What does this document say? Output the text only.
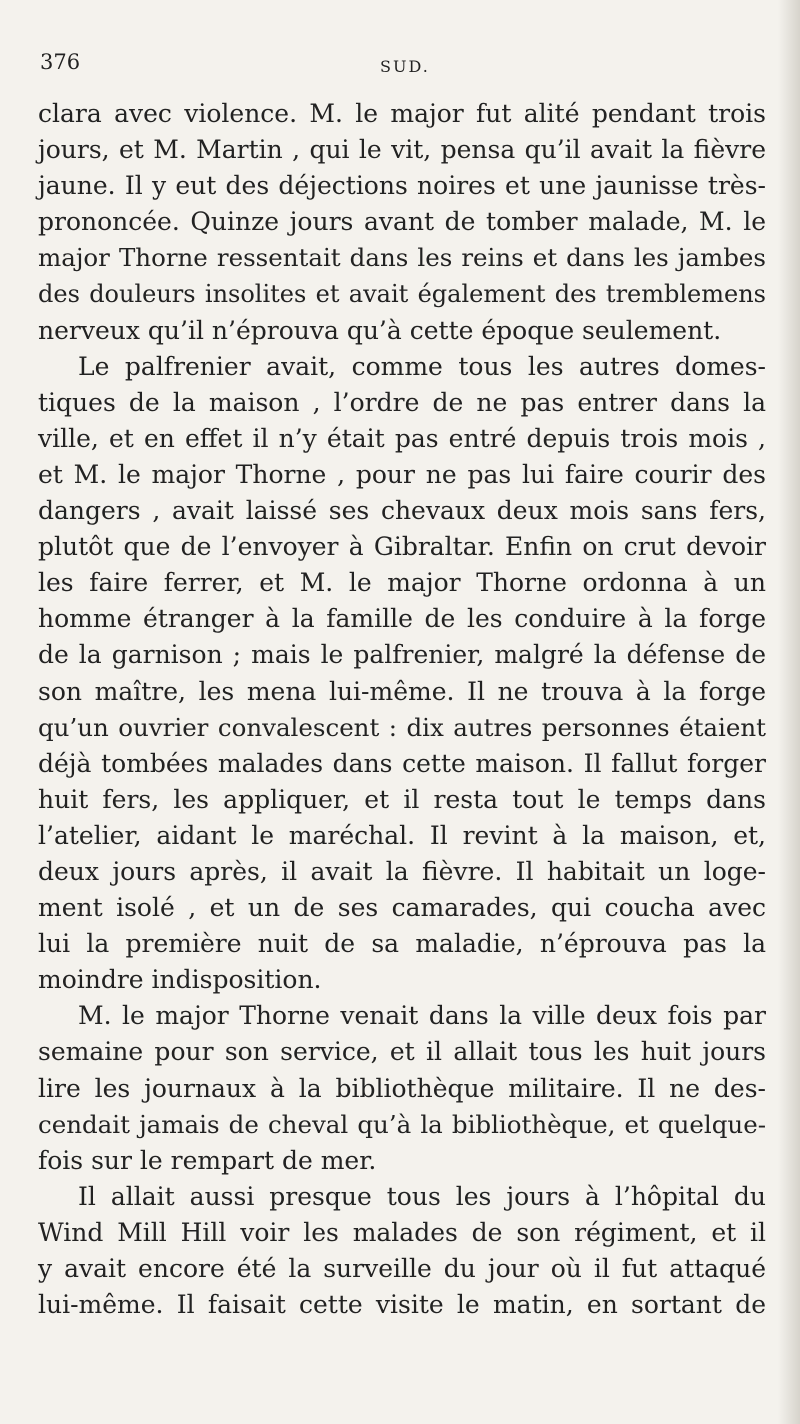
376	SUD.
clara avec violence. M. le major fut alité pendant trois
jours, et M. Martin , qui le vit, pensa qu’il avait la fièvre
jaune. Il y eut des déjections noires et une jaunisse très-
prononcée. Quinze jours avant de tomber malade, M. le
major Thorne ressentait dans les reins et dans les jambes
des douleurs insolites et avait également des tremblemens
nerveux qu’il n’éprouva qu’à cette époque seulement.
Le palfrenier avait, comme tous les autres domes-
tiques de la maison , l’ordre de ne pas entrer dans la
ville, et en effet il n’y était pas entré depuis trois mois ,
et M. le major Thorne , pour ne pas lui faire courir des
dangers , avait laissé ses chevaux deux mois sans fers,
plutôt que de l’envoyer à Gibraltar. Enfin on crut devoir
les faire ferrer, et M. le major Thorne ordonna à un
homme étranger à la famille de les conduire à la forge
de la garnison ; mais le palfrenier, malgré la défense de
son maître, les mena lui-même. Il ne trouva à la forge
qu’un ouvrier convalescent : dix autres personnes étaient
déjà tombées malades dans cette maison. Il fallut forger
huit fers, les appliquer, et il resta tout le temps dans
l’atelier, aidant le maréchal. Il revint à la maison, et,
deux jours après, il avait la fièvre. Il habitait un loge-
ment isolé , et un de ses camarades, qui coucha avec
lui la première nuit de sa maladie, n’éprouva pas la
moindre indisposition.
M. le major Thorne venait dans la ville deux fois par
semaine pour son service, et il allait tous les huit jours
lire les journaux à la bibliothèque militaire. Il ne des-
cendait jamais de cheval qu’à la bibliothèque, et quelque-
fois sur le rempart de mer.
Il allait aussi presque tous les jours à l’hôpital du
Wind Mill Hill voir les malades de son régiment, et il
y avait encore été la surveille du jour où il fut attaqué
lui-même. Il faisait cette visite le matin, en sortant de
